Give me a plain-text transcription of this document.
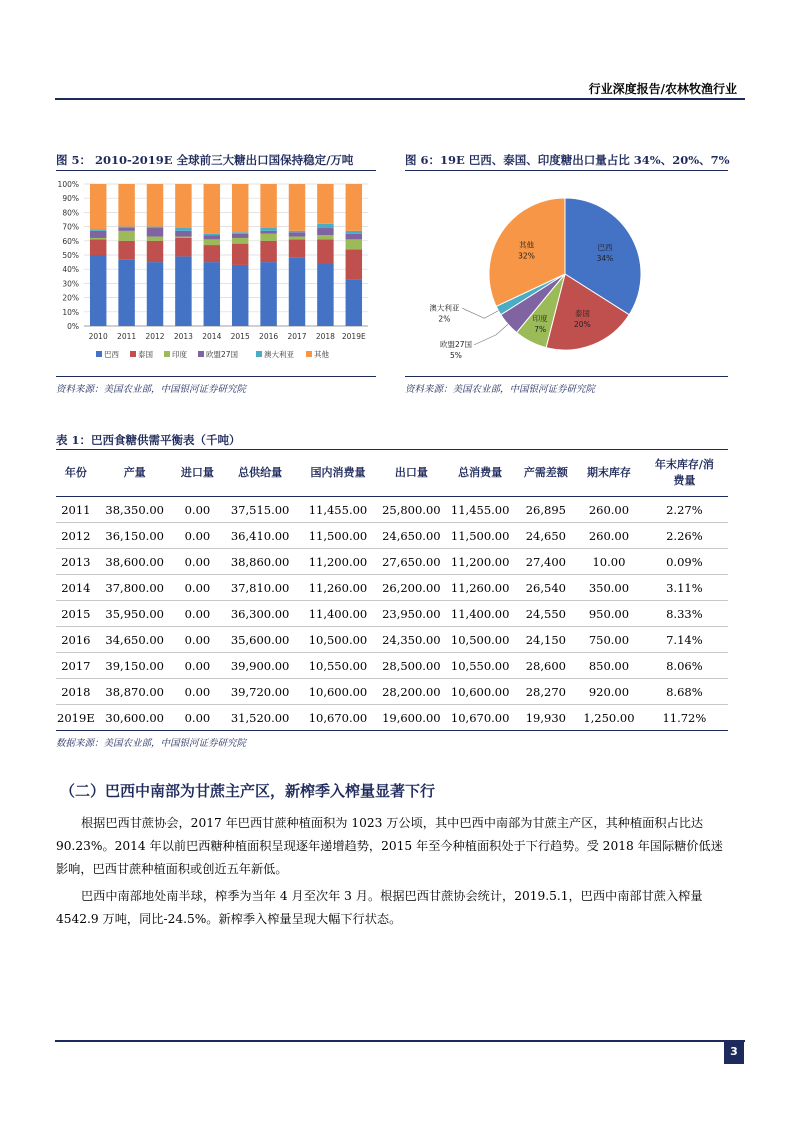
行业深度报告/农林牧渔行业
图 5： 2010-2019E 全球前三大糖出口国保持稳定/万吨
0%
10%
20%
30%
40%
50%
60%
70%
80%
90%
100%
2010 2011 2012 2013 2014 2015 2016 2017 2018 2019E
巴西	泰国	印度	欧盟27国	澳大利亚	其他
资料来源：美国农业部，中国银河证券研究院
图 6：19E 巴西、泰国、印度糖出口量占比 34%、20%、7%
巴西
34%
泰国
20%
印度
7%
欧盟27国
5%
澳大利亚
2%
其他
32%
资料来源：美国农业部，中国银河证券研究院
表 1：巴西食糖供需平衡表（千吨）
年份	产量	进口量	总供给量	国内消费量	出口量	总消费量	产需差额	期末库存	年末库存/消费量
2011	38,350.00	0.00	37,515.00	11,455.00	25,800.00	11,455.00	26,895	260.00	2.27%
2012	36,150.00	0.00	36,410.00	11,500.00	24,650.00	11,500.00	24,650	260.00	2.26%
2013	38,600.00	0.00	38,860.00	11,200.00	27,650.00	11,200.00	27,400	10.00	0.09%
2014	37,800.00	0.00	37,810.00	11,260.00	26,200.00	11,260.00	26,540	350.00	3.11%
2015	35,950.00	0.00	36,300.00	11,400.00	23,950.00	11,400.00	24,550	950.00	8.33%
2016	34,650.00	0.00	35,600.00	10,500.00	24,350.00	10,500.00	24,150	750.00	7.14%
2017	39,150.00	0.00	39,900.00	10,550.00	28,500.00	10,550.00	28,600	850.00	8.06%
2018	38,870.00	0.00	39,720.00	10,600.00	28,200.00	10,600.00	28,270	920.00	8.68%
2019E	30,600.00	0.00	31,520.00	10,670.00	19,600.00	10,670.00	19,930	1,250.00	11.72%
数据来源：美国农业部，中国银河证券研究院
（二）巴西中南部为甘蔗主产区，新榨季入榨量显著下行
根据巴西甘蔗协会，2017 年巴西甘蔗种植面积为 1023 万公顷，其中巴西中南部为甘蔗主产区，其种植面积占比达 90.23%。2014 年以前巴西糖种植面积呈现逐年递增趋势，2015 年至今种植面积处于下行趋势。受 2018 年国际糖价低迷影响，巴西甘蔗种植面积或创近五年新低。
巴西中南部地处南半球，榨季为当年 4 月至次年 3 月。根据巴西甘蔗协会统计，2019.5.1，巴西中南部甘蔗入榨量 4542.9 万吨，同比-24.5%。新榨季入榨量呈现大幅下行状态。
3
